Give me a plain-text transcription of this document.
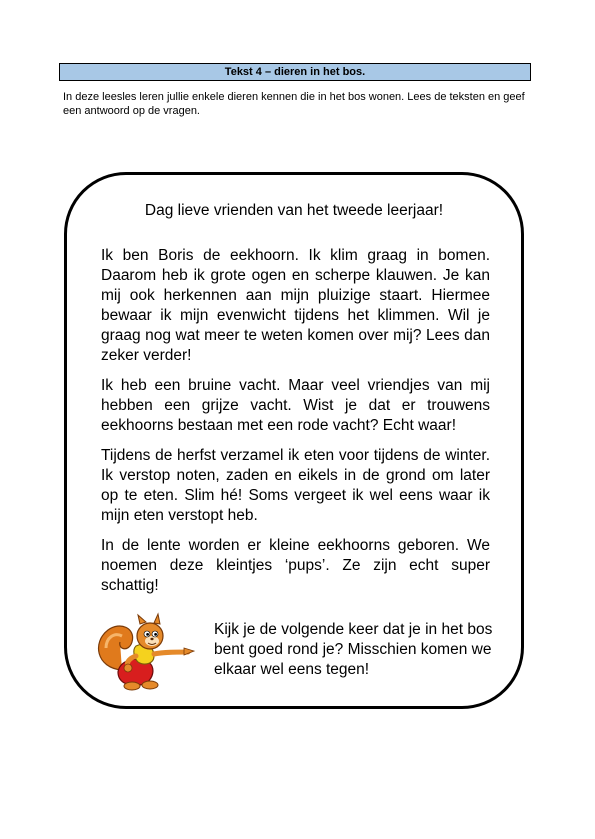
Tekst 4 – dieren in het bos.
In deze leesles leren jullie enkele dieren kennen die in het bos wonen. Lees de teksten en geef een antwoord op de vragen.
Dag lieve vrienden van het tweede leerjaar!

Ik ben Boris de eekhoorn. Ik klim graag in bomen. Daarom heb ik grote ogen en scherpe klauwen. Je kan mij ook herkennen aan mijn pluizige staart. Hiermee bewaar ik mijn evenwicht tijdens het klimmen. Wil je graag nog wat meer te weten komen over mij? Lees dan zeker verder!

Ik heb een bruine vacht. Maar veel vriendjes van mij hebben een grijze vacht. Wist je dat er trouwens eekhoorns bestaan met een rode vacht? Echt waar!

Tijdens de herfst verzamel ik eten voor tijdens de winter. Ik verstop noten, zaden en eikels in de grond om later op te eten. Slim hé! Soms vergeet ik wel eens waar ik mijn eten verstopt heb.

In de lente worden er kleine eekhoorns geboren. We noemen deze kleintjes ‘pups’. Ze zijn echt super schattig!

Kijk je de volgende keer dat je in het bos bent goed rond je? Misschien komen we elkaar wel eens tegen!
